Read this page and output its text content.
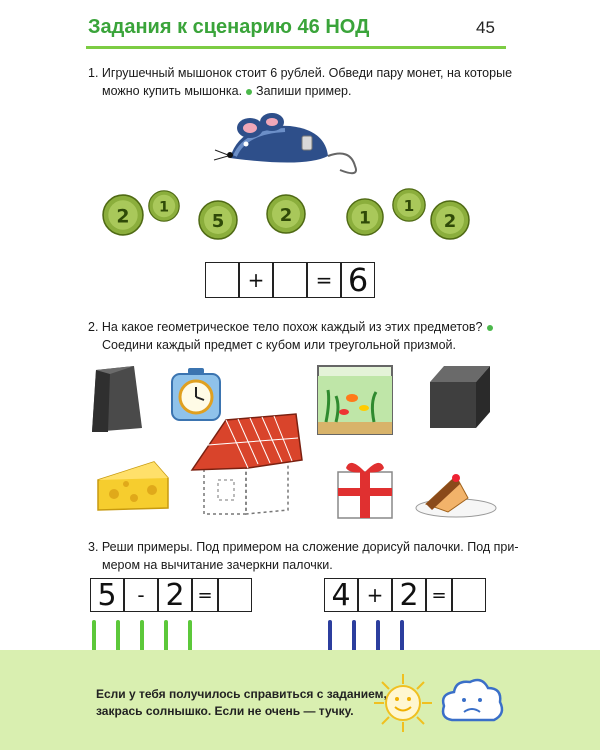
Задания к сценарию 46 НОД	45
1. Игрушечный мышонок стоит 6 рублей. Обведи пару монет, на которые
можно купить мышонка. Запиши пример.
2 1
5	2	1
1
2
+	= 6
2. На какое геометрическое тело похож каждый из этих предметов?
Соедини каждый предмет с кубом или треугольной призмой.
3. Реши примеры. Под примером на сложение дорисуй палочки. Под при-
мером на вычитание зачеркни палочки.
5	- 2 =	4 + 2 =
Если у тебя получилось справиться с заданием,
закрась солнышко. Если не очень — тучку.
